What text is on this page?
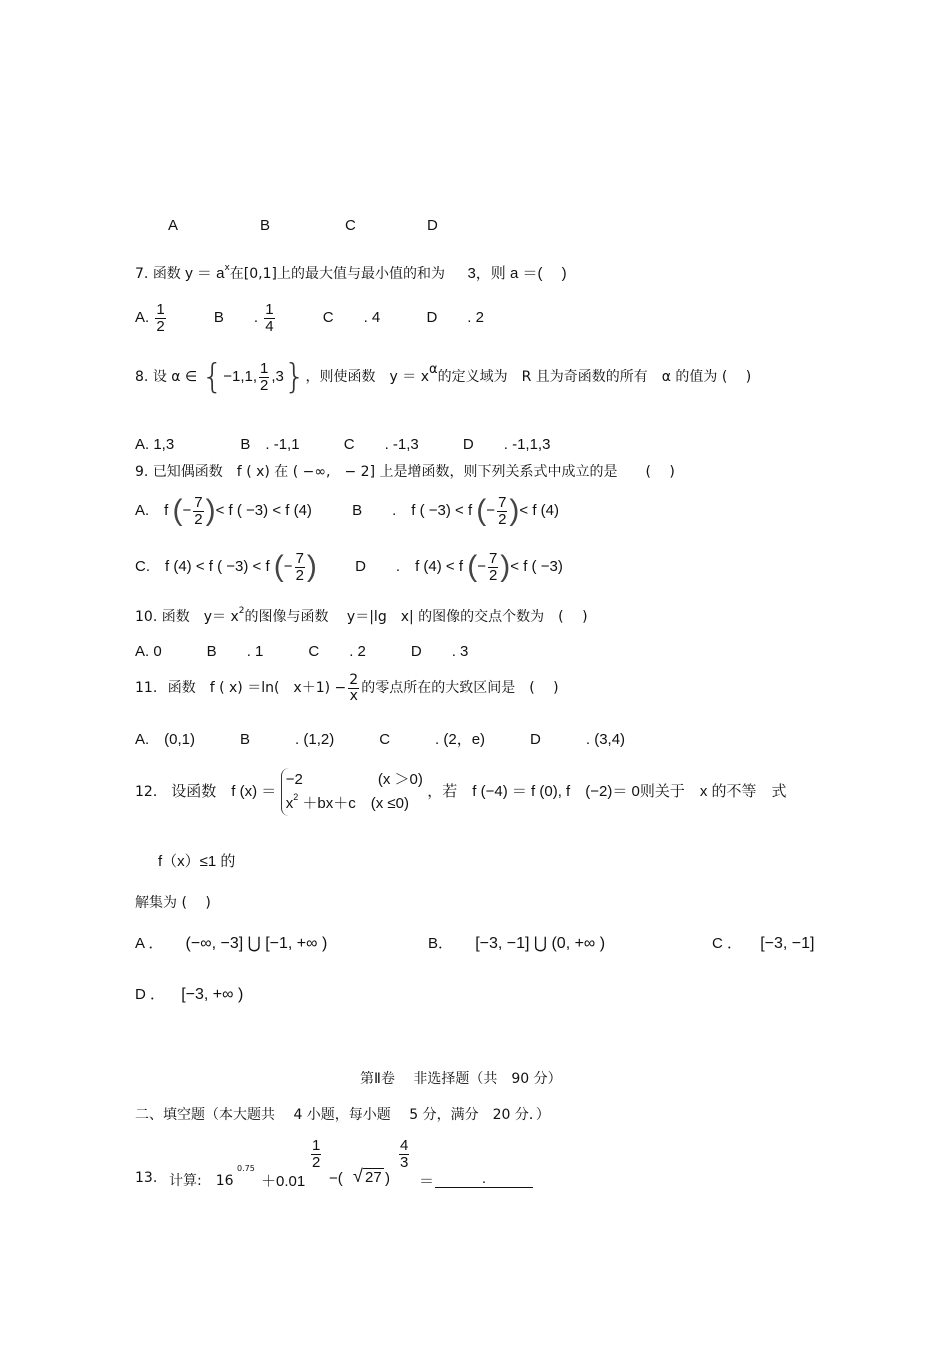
A	B	C	D
7. 函数 $y = a^x$在[0,1]上的最大值与最小值的和为 3，则 a ＝(　 )
A. $\frac{1}{2}$	B　　. $\frac{1}{4}$	C　　. 4	D　　. 2
8. 设 α ∈ {−1,1, $\frac{1}{2} ,3$}，则使函数　y ＝ xα的定义域为　R 且为奇函数的所有　α 的值为 (　 )
A. 1,3	B　. -1,1	C　　. -1,3	D　　. -1,1,3
9. 已知偶函数　f ( x) 在 ( −∞,　− 2] 上是增函数，则下列关系式中成立的是　　(　 )
A.　f (− $\frac{7}{2}$ )< f ( −3) < f (4)	B　　.　f ( −3) < f (− $\frac{7}{2}$ )< f (4)
C.　f (4) < f ( −3) < f (− $\frac{7}{2}$ )	D　　.　f (4) < f (− $\frac{7}{2}$ )< f ( −3)
10. 函数　$y= x^2$的图像与函数　 y＝|lg　x| 的图像的交点个数为　(　 )
A. 0　　　B　　. 1　　　C　　. 2　　　D　　. 3
11. 函数　f ( x) ＝ln(　$x+1) - \frac{2}{x}$ 的零点所在的大致区间是　(　 )
A.　(0,1)　　　B　　　. (1,2)　　　C　　　. (2，e)　　　D　　　. (3,4)
12． 设函数　f (x) ＝
−2　　　　　(x ＞0)
$x^2 +bx+c$　(x ≤0)
，若　f (−4) ＝ f (0), f　(−2)＝ 0则关于　x 的不等　式
f（x）≤1 的
解集为 (　 )
A ． (−∞, −3] ⋃ [−1, +∞ )	B． [−3, −1] ⋃ (0, +∞ )	C ． [−3, −1]
D ． [−3, +∞ )
第Ⅱ卷　 非选择题（共　90 分）
二、填空题（本大题共　 4 小题，每小题　 5 分，满分　20 分．）
13. 计算:　16
0.75
＋0.01
$\frac{1}{2}$
−( √ 27 )
$\frac{4}{3}$
＝	.
